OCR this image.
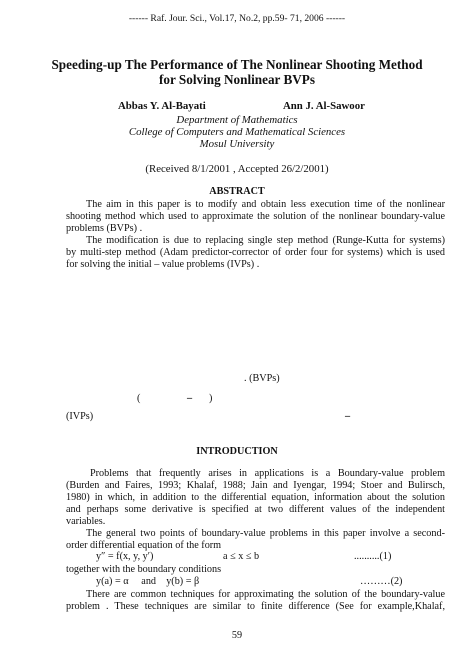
------ Raf. Jour. Sci., Vol.17, No.2, pp.59- 71, 2006 ------
Speeding-up The Performance of The Nonlinear Shooting Method
for Solving Nonlinear BVPs
Abbas Y. Al-Bayati	Ann J. Al-Sawoor
Department of Mathematics
College of Computers and Mathematical Sciences
Mosul University
(Received 8/1/2001 , Accepted 26/2/2001)
ABSTRACT
The aim in this paper is to modify and obtain less execution time of the nonlinear
shooting method which used to approximate the solution of the nonlinear boundary-value
problems (BVPs) .
The modification is due to replacing single step method (Runge-Kutta for systems)
by multi-step method (Adam predictor-corrector of order four for systems) which is used
for solving the initial – value problems (IVPs) .
. (BVPs)
(	– )
(IVPs)	–
INTRODUCTION
Problems that frequently arises in applications is a Boundary-value problem
(Burden and Faires, 1993; Khalaf, 1988; Jain and Iyengar, 1994; Stoer and Bulirsch,
1980) in which, in addition to the differential equation, information about the solution
and perhaps some derivative is specified at two different values of the independent
variables.
The general two points of boundary-value problems in this paper involve a second-
order differential equation of the form
y″ = f(x, y, y′)	a ≤ x ≤ b	..........(1)
together with the boundary conditions
y(a) = α     and    y(b) = β	………(2)
There are common techniques for approximating the solution of the boundary-value
problem . These techniques are similar to finite difference (See for example,Khalaf,
59
